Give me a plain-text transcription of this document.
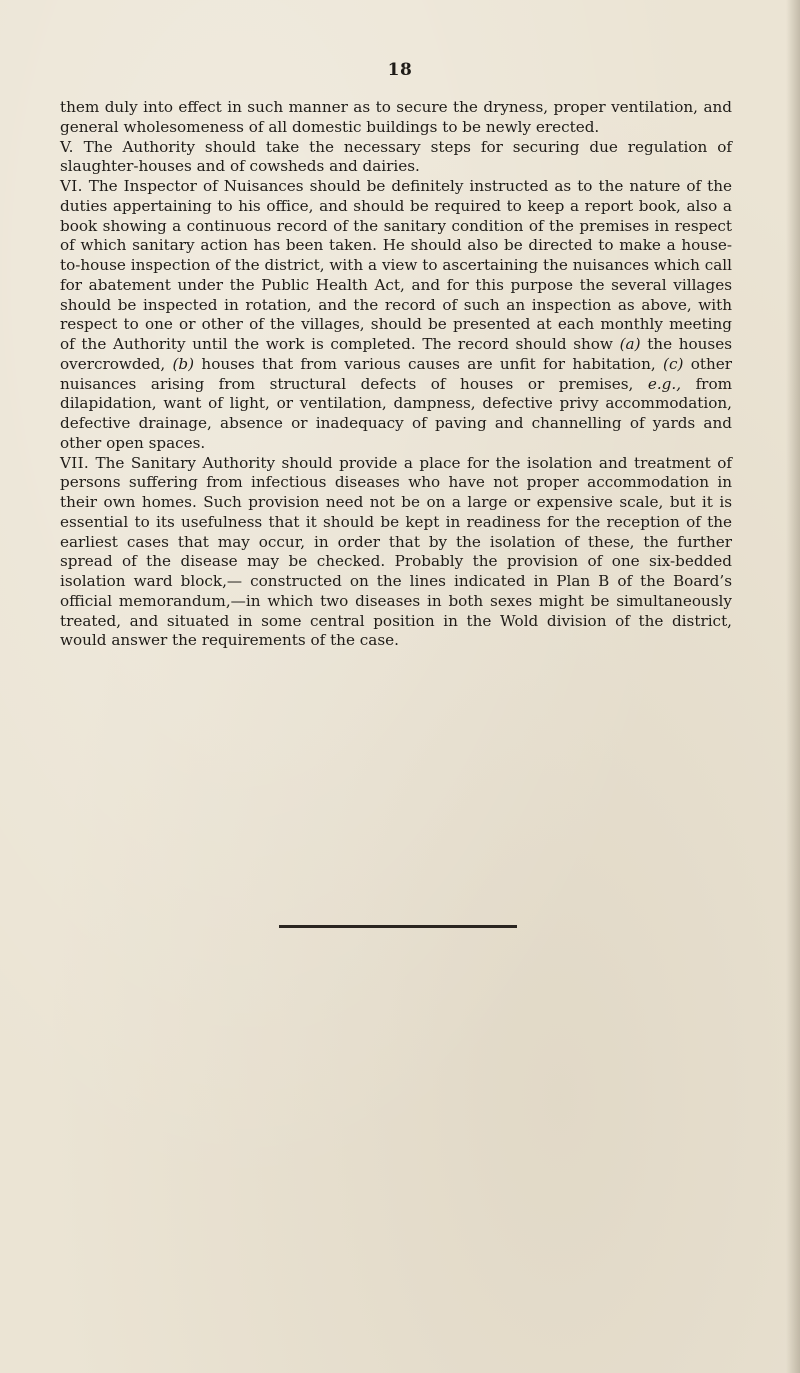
18

them duly into effect in such manner as to secure the dryness, proper ventilation, and general wholesomeness of all domestic buildings to be newly erected.

V. The Authority should take the necessary steps for securing due regulation of slaughter-houses and of cowsheds and dairies.

VI. The Inspector of Nuisances should be definitely instructed as to the nature of the duties appertaining to his office, and should be required to keep a report book, also a book showing a continuous record of the sanitary condition of the premises in respect of which sanitary action has been taken. He should also be directed to make a house-to-house inspection of the district, with a view to ascertaining the nuisances which call for abatement under the Public Health Act, and for this purpose the several villages should be inspected in rotation, and the record of such an inspection as above, with respect to one or other of the villages, should be presented at each monthly meeting of the Authority until the work is completed. The record should show (a) the houses overcrowded, (b) houses that from various causes are unfit for habitation, (c) other nuisances arising from structural defects of houses or premises, e.g., from dilapidation, want of light, or ventilation, dampness, defective privy accommodation, defective drainage, absence or inadequacy of paving and channelling of yards and other open spaces.

VII. The Sanitary Authority should provide a place for the isolation and treatment of persons suffering from infectious diseases who have not proper accommodation in their own homes. Such provision need not be on a large or expensive scale, but it is essential to its usefulness that it should be kept in readiness for the reception of the earliest cases that may occur, in order that by the isolation of these, the further spread of the disease may be checked. Probably the provision of one six-bedded isolation ward block,— constructed on the lines indicated in Plan B of the Board’s official memorandum,—in which two diseases in both sexes might be simultaneously treated, and situated in some central position in the Wold division of the district, would answer the requirements of the case.
